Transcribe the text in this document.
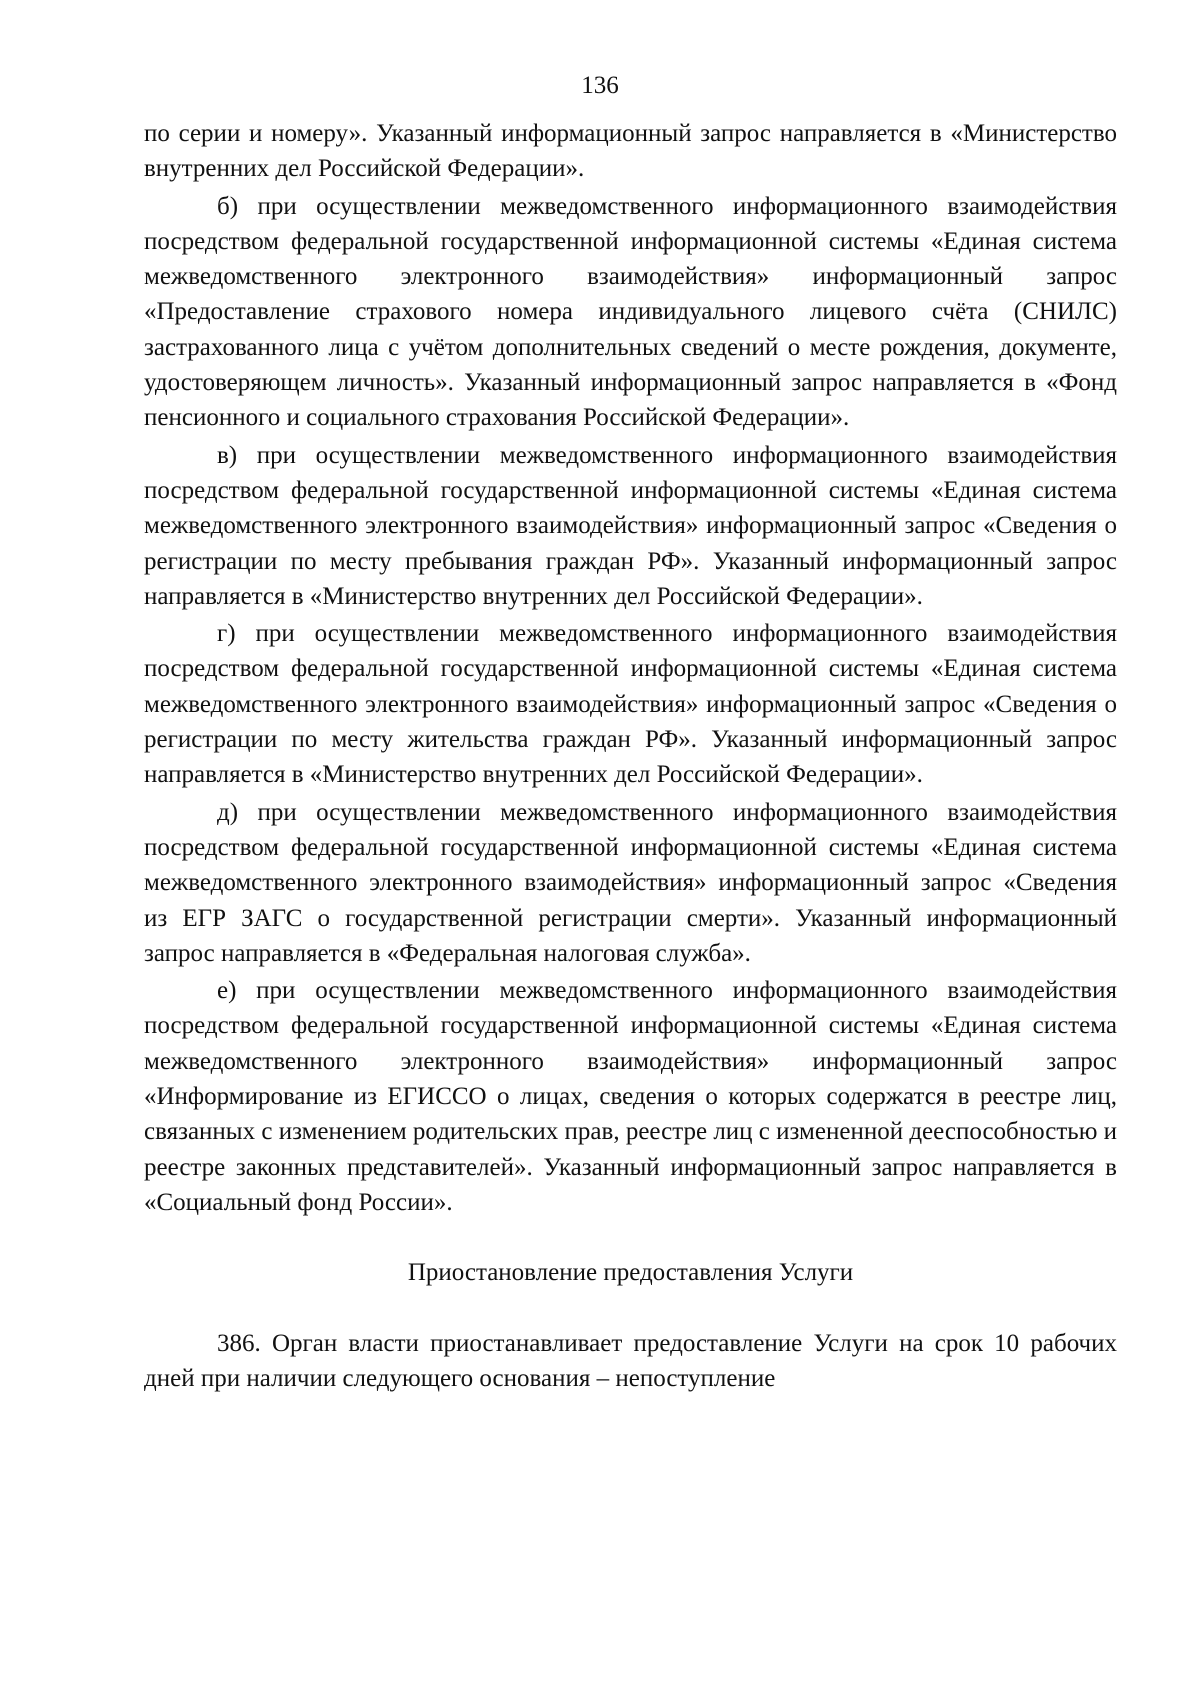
136

по серии и номеру». Указанный информационный запрос направляется в «Министерство внутренних дел Российской Федерации».

б) при осуществлении межведомственного информационного взаимодействия посредством федеральной государственной информационной системы «Единая система межведомственного электронного взаимодействия» информационный запрос «Предоставление страхового номера индивидуального лицевого счёта (СНИЛС) застрахованного лица с учётом дополнительных сведений о месте рождения, документе, удостоверяющем личность». Указанный информационный запрос направляется в «Фонд пенсионного и социального страхования Российской Федерации».

в) при осуществлении межведомственного информационного взаимодействия посредством федеральной государственной информационной системы «Единая система межведомственного электронного взаимодействия» информационный запрос «Сведения о регистрации по месту пребывания граждан РФ». Указанный информационный запрос направляется в «Министерство внутренних дел Российской Федерации».

г) при осуществлении межведомственного информационного взаимодействия посредством федеральной государственной информационной системы «Единая система межведомственного электронного взаимодействия» информационный запрос «Сведения о регистрации по месту жительства граждан РФ». Указанный информационный запрос направляется в «Министерство внутренних дел Российской Федерации».

д) при осуществлении межведомственного информационного взаимодействия посредством федеральной государственной информационной системы «Единая система межведомственного электронного взаимодействия» информационный запрос «Сведения из ЕГР ЗАГС о государственной регистрации смерти». Указанный информационный запрос направляется в «Федеральная налоговая служба».

е) при осуществлении межведомственного информационного взаимодействия посредством федеральной государственной информационной системы «Единая система межведомственного электронного взаимодействия» информационный запрос «Информирование из ЕГИССО о лицах, сведения о которых содержатся в реестре лиц, связанных с изменением родительских прав, реестре лиц с измененной дееспособностью и реестре законных представителей». Указанный информационный запрос направляется в «Социальный фонд России».

Приостановление предоставления Услуги

386. Орган власти приостанавливает предоставление Услуги на срок 10 рабочих дней при наличии следующего основания – непоступление
